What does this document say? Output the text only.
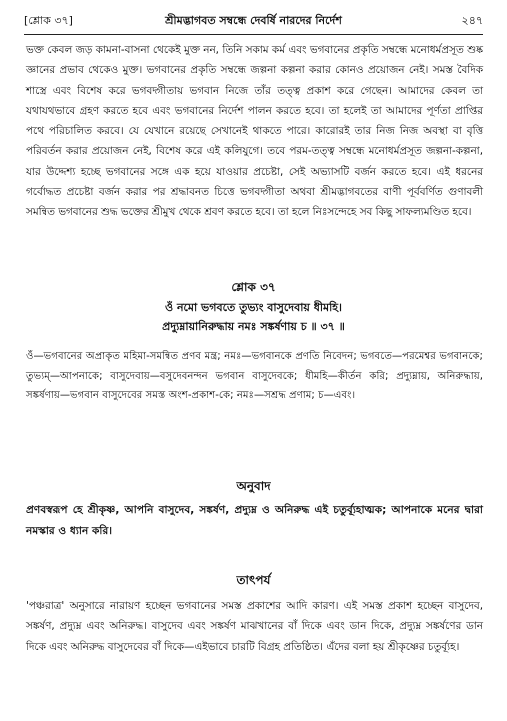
[শ্লোক ৩৭]	শ্রীমদ্ভাগবত সম্বন্ধে দেবর্ষি নারদের নির্দেশ	২৪৭

ভক্ত কেবল জড় কামনা-বাসনা থেকেই মুক্ত নন, তিনি সকাম কর্ম এবং ভগবানের প্রকৃতি সম্বন্ধে মনোধর্মপ্রসূত শুষ্ক জ্ঞানের প্রভাব থেকেও মুক্ত। ভগবানের প্রকৃতি সম্বন্ধে জল্পনা কল্পনা করার কোনও প্রয়োজন নেই। সমস্ত বৈদিক শাস্ত্রে এবং বিশেষ করে ভগবদ্গীতায় ভগবান নিজে তাঁর তত্ত্ব প্রকাশ করে গেছেন। আমাদের কেবল তা যথাযথভাবে গ্রহণ করতে হবে এবং ভগবানের নির্দেশ পালন করতে হবে। তা হলেই তা আমাদের পূর্ণতা প্রাপ্তির পথে পরিচালিত করবে। যে যেখানে রয়েছে সেখানেই থাকতে পারে। কারোরই তার নিজ নিজ অবস্থা বা বৃত্তি পরিবর্তন করার প্রয়োজন নেই, বিশেষ করে এই কলিযুগে। তবে পরম-তত্ত্ব সম্বন্ধে মনোধর্মপ্রসূত জল্পনা-কল্পনা, যার উদ্দেশ্য হচ্ছে ভগবানের সঙ্গে এক হয়ে যাওয়ার প্রচেষ্টা, সেই অভ্যাসটি বর্জন করতে হবে। এই ধরনের গর্বোদ্ধত প্রচেষ্টা বর্জন করার পর শ্রদ্ধাবনত চিত্তে ভগবদ্গীতা অথবা শ্রীমদ্ভাগবতের বাণী পূর্ববর্ণিত গুণাবলী সমন্বিত ভগবানের শুদ্ধ ভক্তের শ্রীমুখ থেকে শ্রবণ করতে হবে। তা হলে নিঃসন্দেহে সব কিছু সাফল্যমণ্ডিত হবে।

শ্লোক ৩৭
ওঁ নমো ভগবতে তুভ্যং বাসুদেবায় ধীমহি।
প্রদ্যুম্নায়ানিরুদ্ধায় নমঃ সঙ্কর্ষণায় চ ॥ ৩৭ ॥

ওঁ—ভগবানের অপ্রাকৃত মহিমা-সমন্বিত প্রণব মন্ত্র; নমঃ—ভগবানকে প্রণতি নিবেদন; ভগবতে—পরমেশ্বর ভগবানকে; তুভ্যম্—আপনাকে; বাসুদেবায়—বসুদেবনন্দন ভগবান বাসুদেবকে; ধীমহি—কীর্তন করি; প্রদ্যুম্নায়, অনিরুদ্ধায়, সঙ্কর্ষণায়—ভগবান বাসুদেবের সমস্ত অংশ-প্রকাশ-কে; নমঃ—সশ্রদ্ধ প্রণাম; চ—এবং।

অনুবাদ

প্রণবস্বরূপ হে শ্রীকৃষ্ণ, আপনি বাসুদেব, সঙ্কর্ষণ, প্রদ্যুম্ন ও অনিরুদ্ধ এই চতুর্ব্যূহাত্মক; আপনাকে মনের দ্বারা নমস্কার ও ধ্যান করি।

তাৎপর্য

'পঞ্চরাত্র' অনুসারে নারায়ণ হচ্ছেন ভগবানের সমস্ত প্রকাশের আদি কারণ। এই সমস্ত প্রকাশ হচ্ছেন বাসুদেব, সঙ্কর্ষণ, প্রদ্যুম্ন এবং অনিরুদ্ধ। বাসুদেব এবং সঙ্কর্ষণ মাঝখানের বাঁ দিকে এবং ডান দিকে, প্রদ্যুম্ন সঙ্কর্ষণের ডান দিকে এবং অনিরুদ্ধ বাসুদেবের বাঁ দিকে—এইভাবে চারটি বিগ্রহ প্রতিষ্ঠিত। এঁদের বলা হয় শ্রীকৃষ্ণের চতুর্ব্যূহ।
